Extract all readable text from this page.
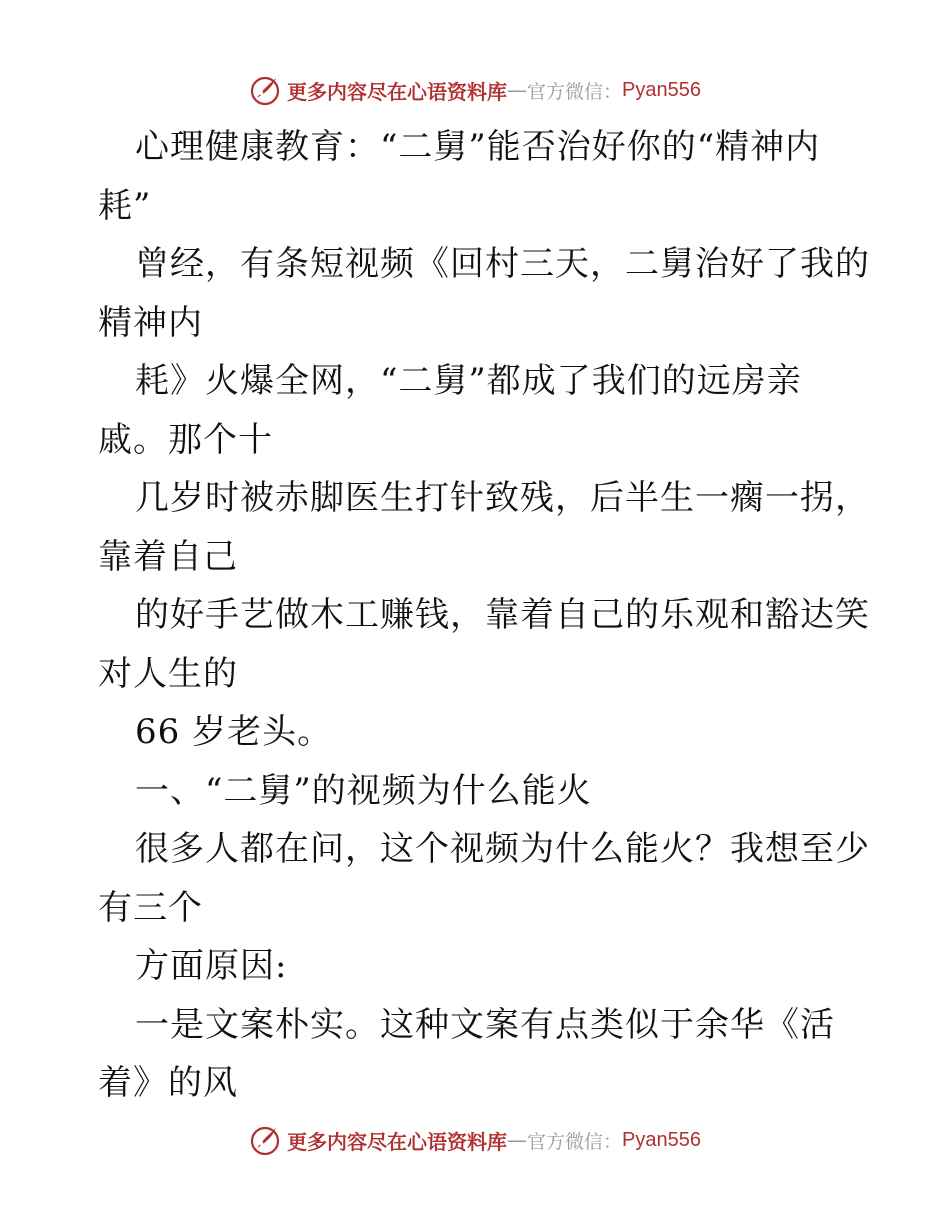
更多内容尽在心语资料库 — 官方微信： Pyan556
心理健康教育：“二舅”能否治好你的“精神内
耗”
曾经，有条短视频《回村三天，二舅治好了我的
精神内
耗》火爆全网，“二舅”都成了我们的远房亲
戚。那个十
几岁时被赤脚医生打针致残，后半生一瘸一拐，
靠着自己
的好手艺做木工赚钱，靠着自己的乐观和豁达笑
对人生的
66 岁老头。
一、“二舅”的视频为什么能火
很多人都在问，这个视频为什么能火？我想至少
有三个
方面原因:
一是文案朴实。这种文案有点类似于余华《活
着》的风
更多内容尽在心语资料库 — 官方微信： Pyan556
